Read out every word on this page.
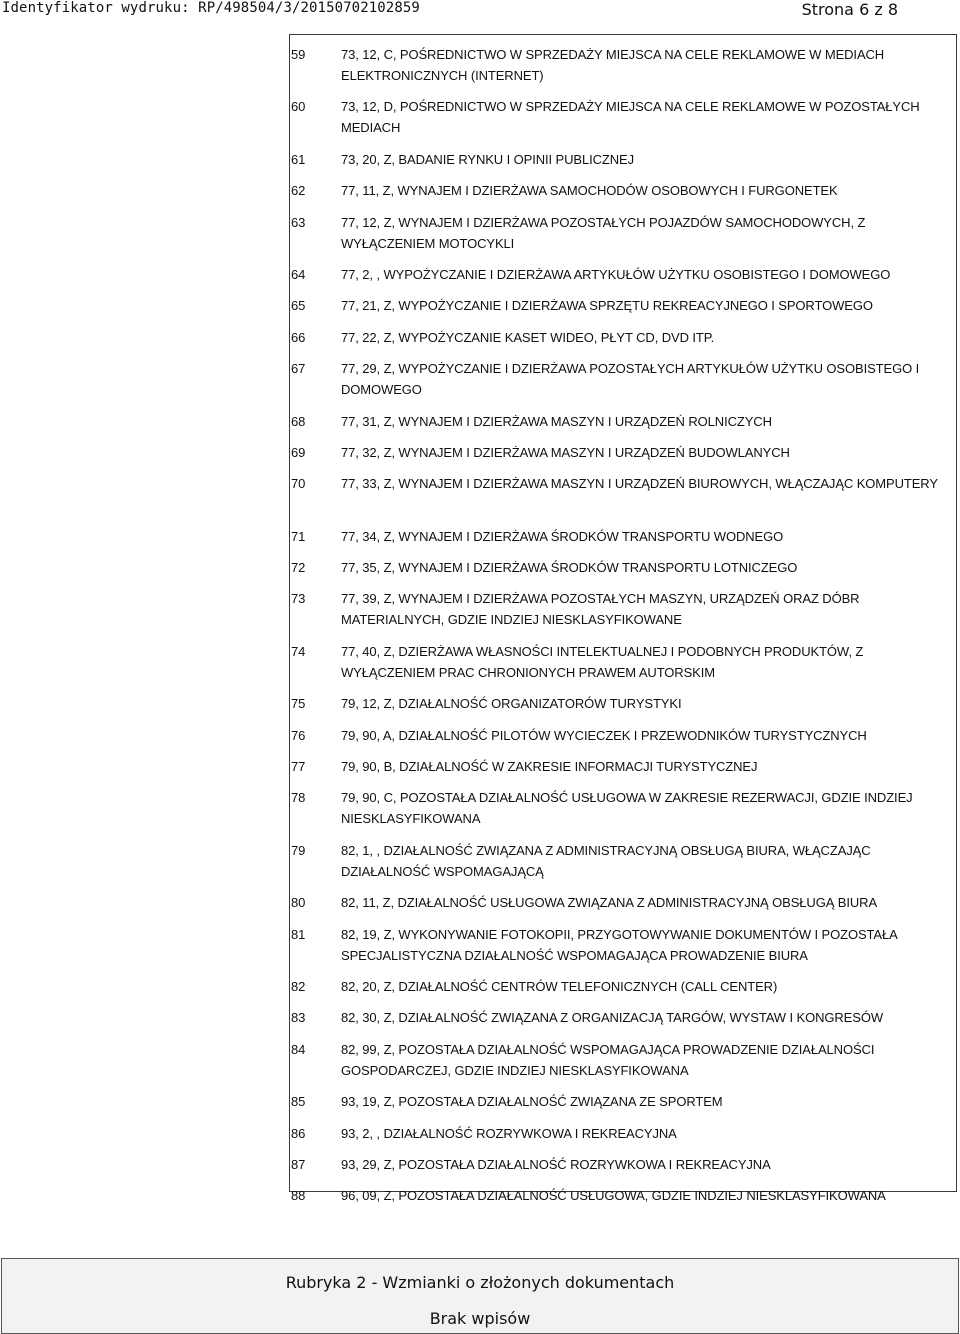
Identyfikator wydruku: RP/498504/3/20150702102859	Strona 6 z 8
59	73, 12, C, POŚREDNICTWO W SPRZEDAŻY MIEJSCA NA CELE REKLAMOWE W MEDIACH ELEKTRONICZNYCH (INTERNET)
60	73, 12, D, POŚREDNICTWO W SPRZEDAŻY MIEJSCA NA CELE REKLAMOWE W POZOSTAŁYCH MEDIACH
61	73, 20, Z, BADANIE RYNKU I OPINII PUBLICZNEJ
62	77, 11, Z, WYNAJEM I DZIERŻAWA SAMOCHODÓW OSOBOWYCH I FURGONETEK
63	77, 12, Z, WYNAJEM I DZIERŻAWA POZOSTAŁYCH POJAZDÓW SAMOCHODOWYCH, Z WYŁĄCZENIEM MOTOCYKLI
64	77, 2, , WYPOŻYCZANIE I DZIERŻAWA ARTYKUŁÓW UŻYTKU OSOBISTEGO I DOMOWEGO
65	77, 21, Z, WYPOŻYCZANIE I DZIERŻAWA SPRZĘTU REKREACYJNEGO I SPORTOWEGO
66	77, 22, Z, WYPOŻYCZANIE KASET WIDEO, PŁYT CD, DVD ITP.
67	77, 29, Z, WYPOŻYCZANIE I DZIERŻAWA POZOSTAŁYCH ARTYKUŁÓW UŻYTKU OSOBISTEGO I DOMOWEGO
68	77, 31, Z, WYNAJEM I DZIERŻAWA MASZYN I URZĄDZEŃ ROLNICZYCH
69	77, 32, Z, WYNAJEM I DZIERŻAWA MASZYN I URZĄDZEŃ BUDOWLANYCH
70	77, 33, Z, WYNAJEM I DZIERŻAWA MASZYN I URZĄDZEŃ BIUROWYCH, WŁĄCZAJĄC KOMPUTERY
71	77, 34, Z, WYNAJEM I DZIERŻAWA ŚRODKÓW TRANSPORTU WODNEGO
72	77, 35, Z, WYNAJEM I DZIERŻAWA ŚRODKÓW TRANSPORTU LOTNICZEGO
73	77, 39, Z, WYNAJEM I DZIERŻAWA POZOSTAŁYCH MASZYN, URZĄDZEŃ ORAZ DÓBR MATERIALNYCH, GDZIE INDZIEJ NIESKLASYFIKOWANE
74	77, 40, Z, DZIERŻAWA WŁASNOŚCI INTELEKTUALNEJ I PODOBNYCH PRODUKTÓW, Z WYŁĄCZENIEM PRAC CHRONIONYCH PRAWEM AUTORSKIM
75	79, 12, Z, DZIAŁALNOŚĆ ORGANIZATORÓW TURYSTYKI
76	79, 90, A, DZIAŁALNOŚĆ PILOTÓW WYCIECZEK I PRZEWODNIKÓW TURYSTYCZNYCH
77	79, 90, B, DZIAŁALNOŚĆ W ZAKRESIE INFORMACJI TURYSTYCZNEJ
78	79, 90, C, POZOSTAŁA DZIAŁALNOŚĆ USŁUGOWA W ZAKRESIE REZERWACJI, GDZIE INDZIEJ NIESKLASYFIKOWANA
79	82, 1, , DZIAŁALNOŚĆ ZWIĄZANA Z ADMINISTRACYJNĄ OBSŁUGĄ BIURA, WŁĄCZAJĄC DZIAŁALNOŚĆ WSPOMAGAJĄCĄ
80	82, 11, Z, DZIAŁALNOŚĆ USŁUGOWA ZWIĄZANA Z ADMINISTRACYJNĄ OBSŁUGĄ BIURA
81	82, 19, Z, WYKONYWANIE FOTOKOPII, PRZYGOTOWYWANIE DOKUMENTÓW I POZOSTAŁA SPECJALISTYCZNA DZIAŁALNOŚĆ WSPOMAGAJĄCA PROWADZENIE BIURA
82	82, 20, Z, DZIAŁALNOŚĆ CENTRÓW TELEFONICZNYCH (CALL CENTER)
83	82, 30, Z, DZIAŁALNOŚĆ ZWIĄZANA Z ORGANIZACJĄ TARGÓW, WYSTAW I KONGRESÓW
84	82, 99, Z, POZOSTAŁA DZIAŁALNOŚĆ WSPOMAGAJĄCA PROWADZENIE DZIAŁALNOŚCI GOSPODARCZEJ, GDZIE INDZIEJ NIESKLASYFIKOWANA
85	93, 19, Z, POZOSTAŁA DZIAŁALNOŚĆ ZWIĄZANA ZE SPORTEM
86	93, 2, , DZIAŁALNOŚĆ ROZRYWKOWA I REKREACYJNA
87	93, 29, Z, POZOSTAŁA DZIAŁALNOŚĆ ROZRYWKOWA I REKREACYJNA
88	96, 09, Z, POZOSTAŁA DZIAŁALNOŚĆ USŁUGOWA, GDZIE INDZIEJ NIESKLASYFIKOWANA
Rubryka 2 - Wzmianki o złożonych dokumentach
Brak wpisów
